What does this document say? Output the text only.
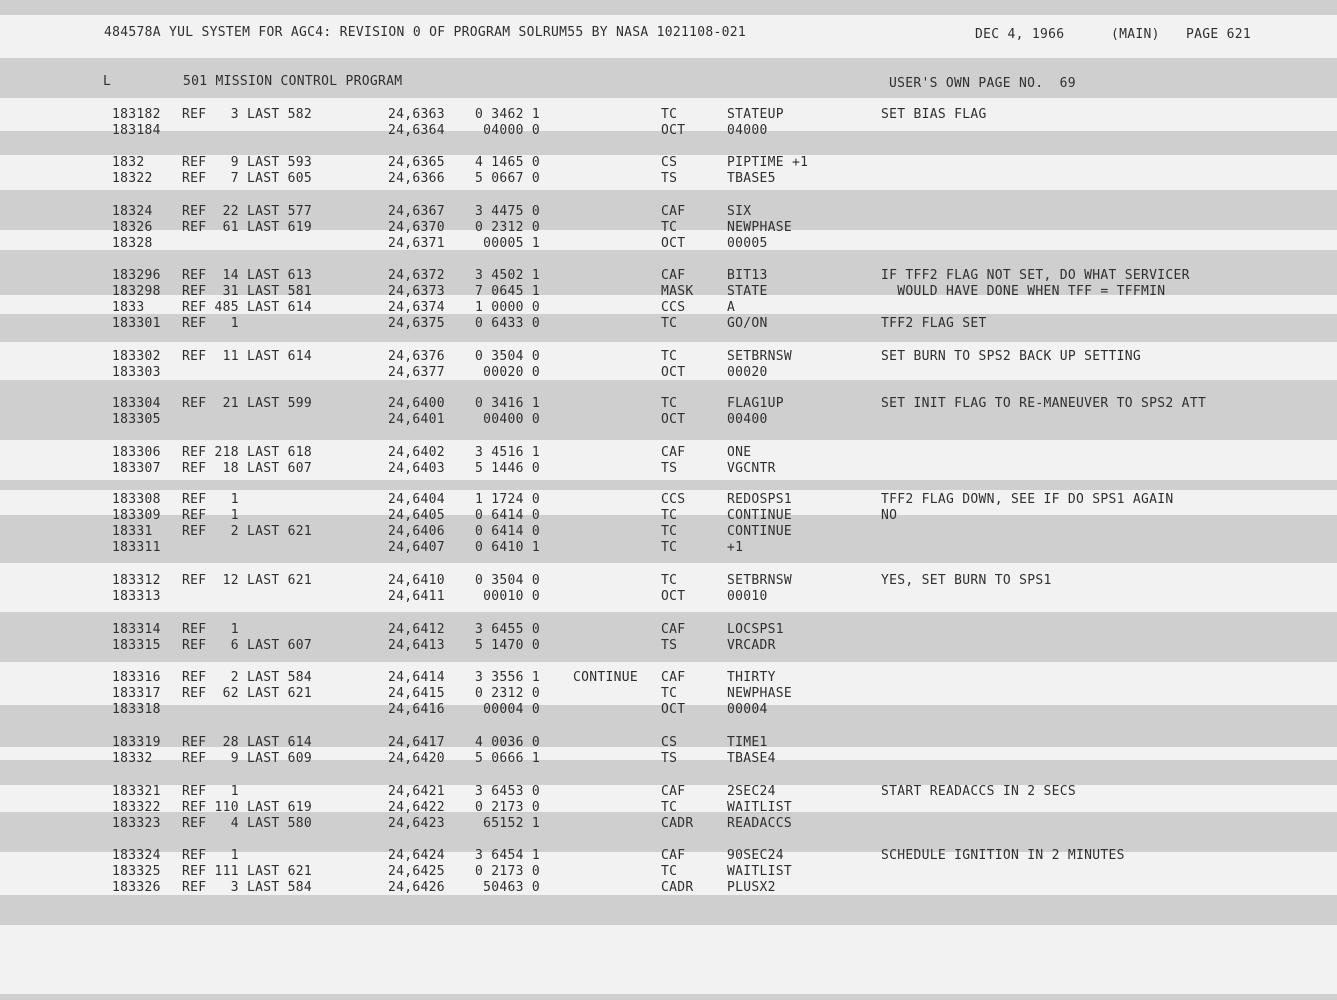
484578A YUL SYSTEM FOR AGC4: REVISION 0 OF PROGRAM SOLRUM55 BY NASA 1021108-021	DEC 4, 1966	(MAIN) PAGE 621
L	501 MISSION CONTROL PROGRAM	USER'S OWN PAGE NO.  69
183182 REF   3 LAST 582	24,6363 0 3462 1	TC	STATEUP	SET BIAS FLAG
183184	24,6364 04000 0	OCT	04000
1832	REF   9 LAST 593	24,6365 4 1465 0	CS	PIPTIME +1
18322 REF   7 LAST 605	24,6366 5 0667 0	TS	TBASE5
18324 REF  22 LAST 577	24,6367 3 4475 0	CAF	SIX
18326 REF  61 LAST 619	24,6370 0 2312 0	TC	NEWPHASE
18328	24,6371 00005 1	OCT	00005
183296 REF  14 LAST 613	24,6372 3 4502 1	CAF	BIT13	IF TFF2 FLAG NOT SET, DO WHAT SERVICER
183298 REF  31 LAST 581	24,6373 7 0645 1	MASK	STATE	WOULD HAVE DONE WHEN TFF = TFFMIN
1833	REF 485 LAST 614	24,6374 1 0000 0	CCS	A
183301 REF   1	24,6375 0 6433 0	TC	GO/ON	TFF2 FLAG SET
183302 REF  11 LAST 614	24,6376 0 3504 0	TC	SETBRNSW	SET BURN TO SPS2 BACK UP SETTING
183303	24,6377 00020 0	OCT	00020
183304 REF  21 LAST 599	24,6400 0 3416 1	TC	FLAG1UP	SET INIT FLAG TO RE-MANEUVER TO SPS2 ATT
183305	24,6401 00400 0	OCT	00400
183306 REF 218 LAST 618	24,6402 3 4516 1	CAF	ONE
183307 REF  18 LAST 607	24,6403 5 1446 0	TS	VGCNTR
183308 REF   1	24,6404 1 1724 0	CCS	REDOSPS1	TFF2 FLAG DOWN, SEE IF DO SPS1 AGAIN
183309 REF   1	24,6405 0 6414 0	TC	CONTINUE	NO
18331 REF   2 LAST 621	24,6406 0 6414 0	TC	CONTINUE
183311	24,6407 0 6410 1	TC	+1
183312 REF  12 LAST 621	24,6410 0 3504 0	TC	SETBRNSW	YES, SET BURN TO SPS1
183313	24,6411 00010 0	OCT	00010
183314 REF   1	24,6412 3 6455 0	CAF	LOCSPS1
183315 REF   6 LAST 607	24,6413 5 1470 0	TS	VRCADR
183316 REF   2 LAST 584	24,6414 3 3556 1	CONTINUE CAF	THIRTY
183317 REF  62 LAST 621	24,6415 0 2312 0	TC	NEWPHASE
183318	24,6416 00004 0	OCT	00004
183319 REF  28 LAST 614	24,6417 4 0036 0	CS	TIME1
18332 REF   9 LAST 609	24,6420 5 0666 1	TS	TBASE4
183321 REF   1	24,6421 3 6453 0	CAF	2SEC24	START READACCS IN 2 SECS
183322 REF 110 LAST 619	24,6422 0 2173 0	TC	WAITLIST
183323 REF   4 LAST 580	24,6423 65152 1	CADR	READACCS
183324 REF   1	24,6424 3 6454 1	CAF	90SEC24	SCHEDULE IGNITION IN 2 MINUTES
183325 REF 111 LAST 621	24,6425 0 2173 0	TC	WAITLIST
183326 REF   3 LAST 584	24,6426 50463 0	CADR	PLUSX2
